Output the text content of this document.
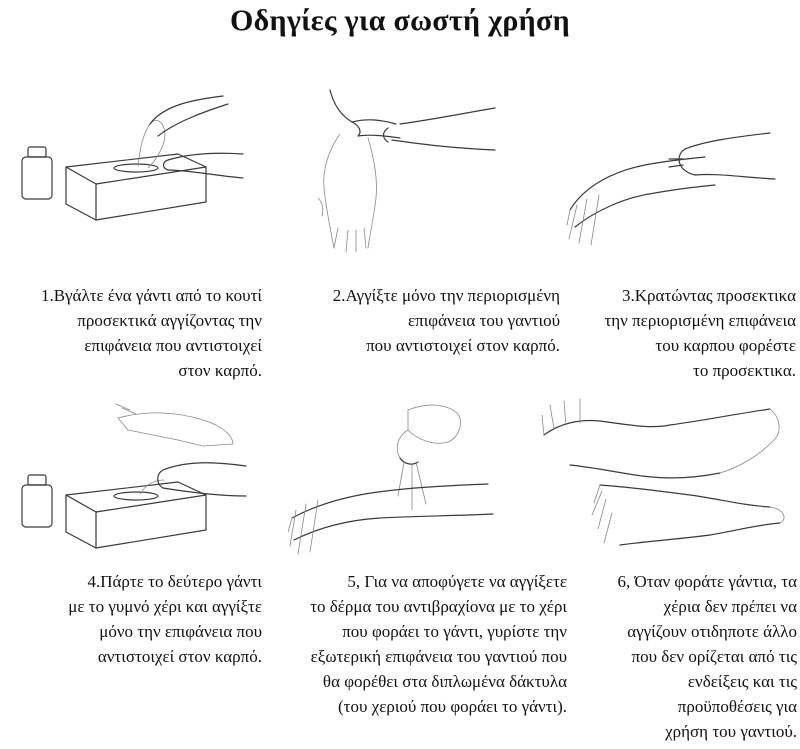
Οδηγίες για σωστή χρήση
1.Βγάλτε ένα γάντι από το κουτί
προσεκτικά αγγίζοντας την
επιφάνεια που αντιστοιχεί
στον καρπό.
2.Αγγίξτε μόνο την περιορισμένη
επιφάνεια του γαντιού
που αντιστοιχεί στον καρπό.
3.Κρατώντας προσεκτικα
την περιορισμένη επιφάνεια
του καρπου φορέστε
το προσεκτικα.
4.Πάρτε το δεύτερο γάντι
με το γυμνό χέρι και αγγίξτε
μόνο την επιφάνεια που
αντιστοιχεί στον καρπό.
5, Για να αποφύγετε να αγγίξετε
το δέρμα του αντιβραχίονα με το χέρι
που φοράει το γάντι, γυρίστε την
εξωτερική επιφάνεια του γαντιού που
θα φορέθει στα διπλωμένα δάκτυλα
(του χεριού που φοράει το γάντι).
6, Όταν φοράτε γάντια, τα
χέρια δεν πρέπει να
αγγίζουν οτιδηποτε άλλο
που δεν ορίζεται από τις
ενδείξεις και τις
προϋποθέσεις για
χρήση του γαντιού.
